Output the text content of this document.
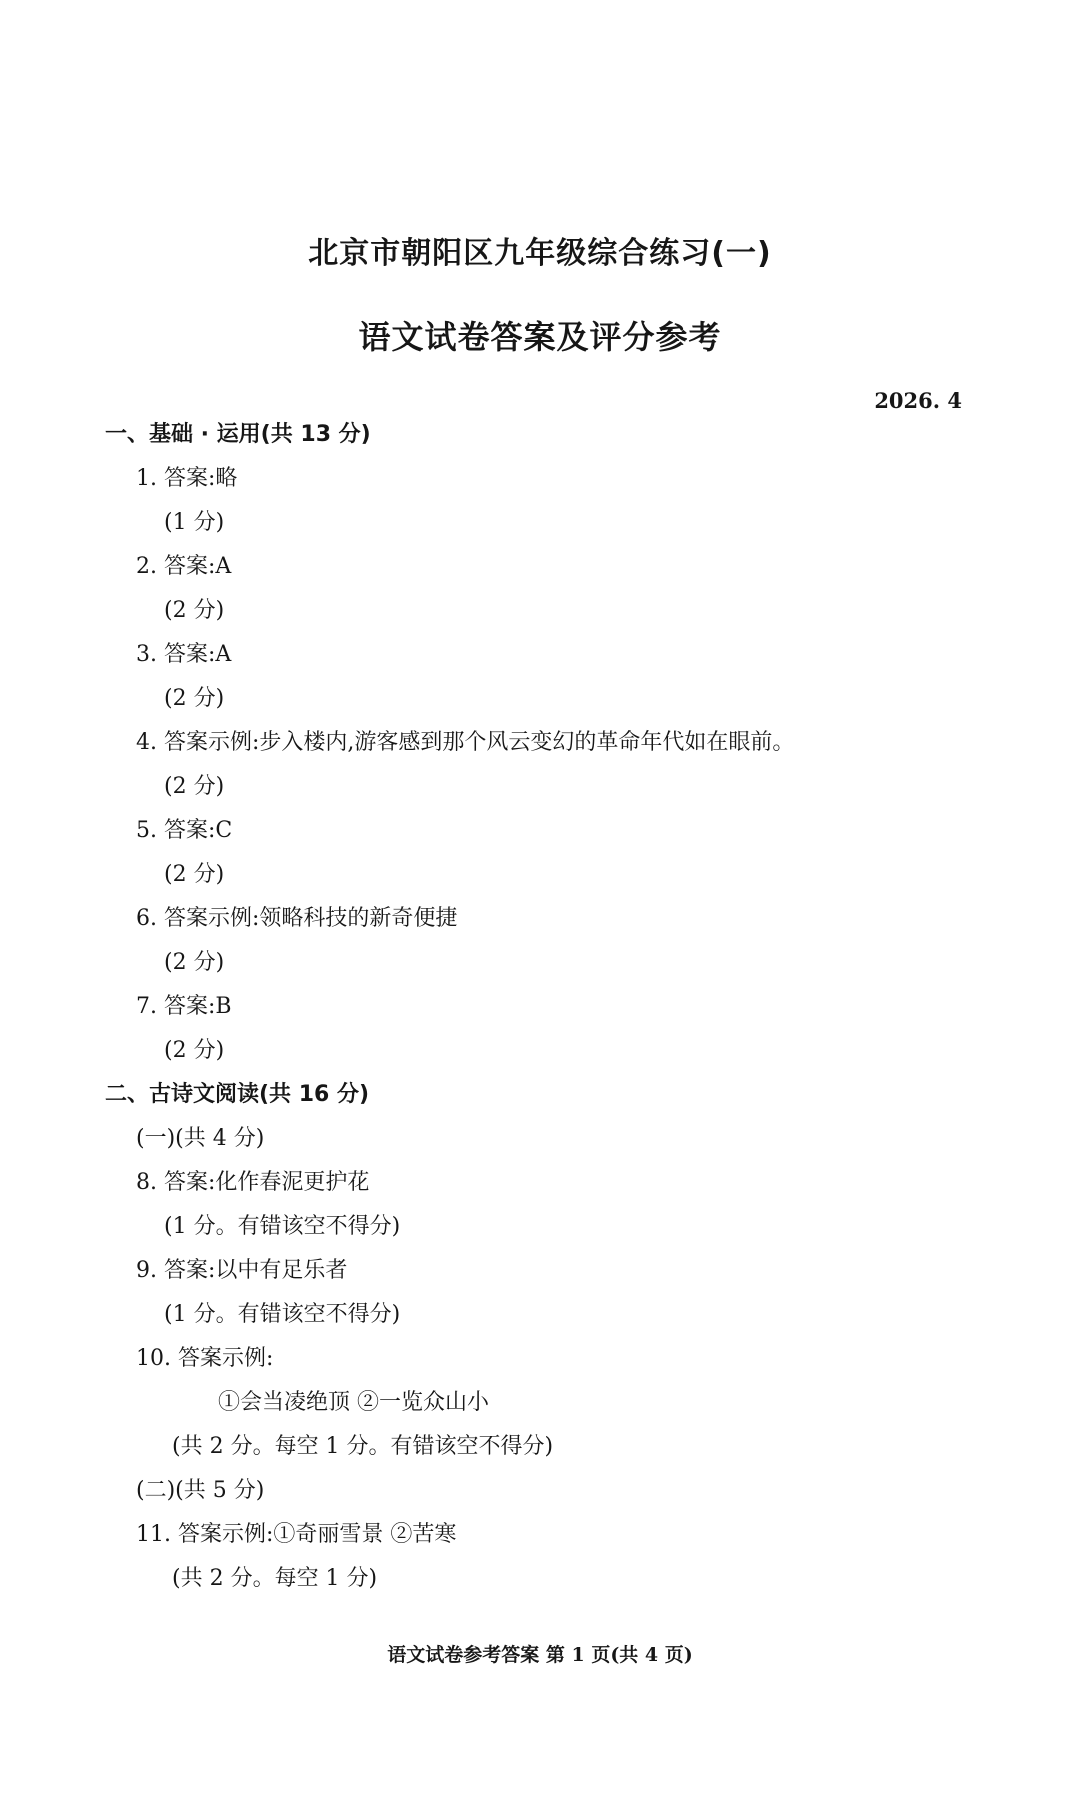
北京市朝阳区九年级综合练习(一)
语文试卷答案及评分参考
2026. 4
一、基础 · 运用(共 13 分)
1. 答案:略
(1 分)
2. 答案:A
(2 分)
3. 答案:A
(2 分)
4. 答案示例:步入楼内,游客感到那个风云变幻的革命年代如在眼前。
(2 分)
5. 答案:C
(2 分)
6. 答案示例:领略科技的新奇便捷
(2 分)
7. 答案:B
(2 分)
二、古诗文阅读(共 16 分)
(一)(共 4 分)
8. 答案:化作春泥更护花
(1 分。有错该空不得分)
9. 答案:以中有足乐者
(1 分。有错该空不得分)
10. 答案示例:
①会当凌绝顶 ②一览众山小
(共 2 分。每空 1 分。有错该空不得分)
(二)(共 5 分)
11. 答案示例:①奇丽雪景 ②苦寒
(共 2 分。每空 1 分)
语文试卷参考答案 第 1 页(共 4 页)
